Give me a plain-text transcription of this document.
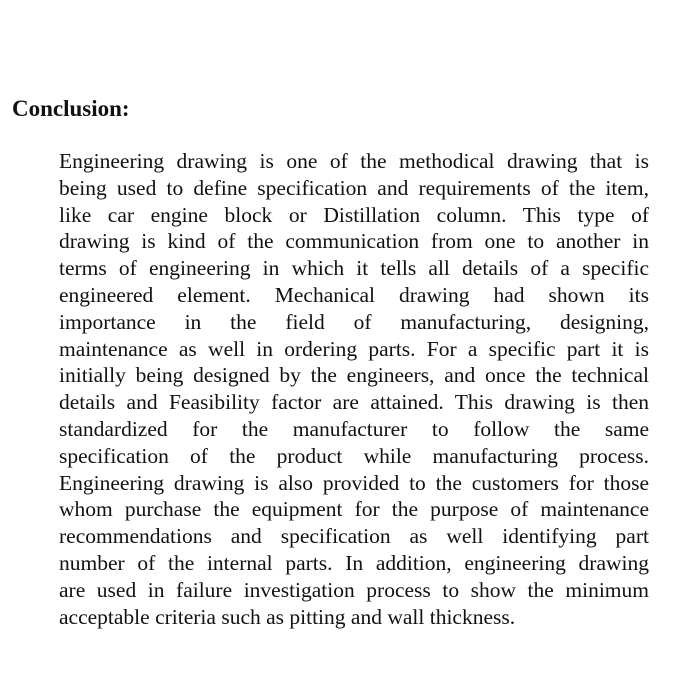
Conclusion:
Engineering drawing is one of the methodical drawing that is
being used to define specification and requirements of the item,
like car engine block or Distillation column. This type of
drawing is kind of the communication from one to another in
terms of engineering in which it tells all details of a specific
engineered element. Mechanical drawing had shown its
importance in the field of manufacturing, designing,
maintenance as well in ordering parts. For a specific part it is
initially being designed by the engineers, and once the technical
details and Feasibility factor are attained. This drawing is then
standardized for the manufacturer to follow the same
specification of the product while manufacturing process.
Engineering drawing is also provided to the customers for those
whom purchase the equipment for the purpose of maintenance
recommendations and specification as well identifying part
number of the internal parts. In addition, engineering drawing
are used in failure investigation process to show the minimum
acceptable criteria such as pitting and wall thickness.
